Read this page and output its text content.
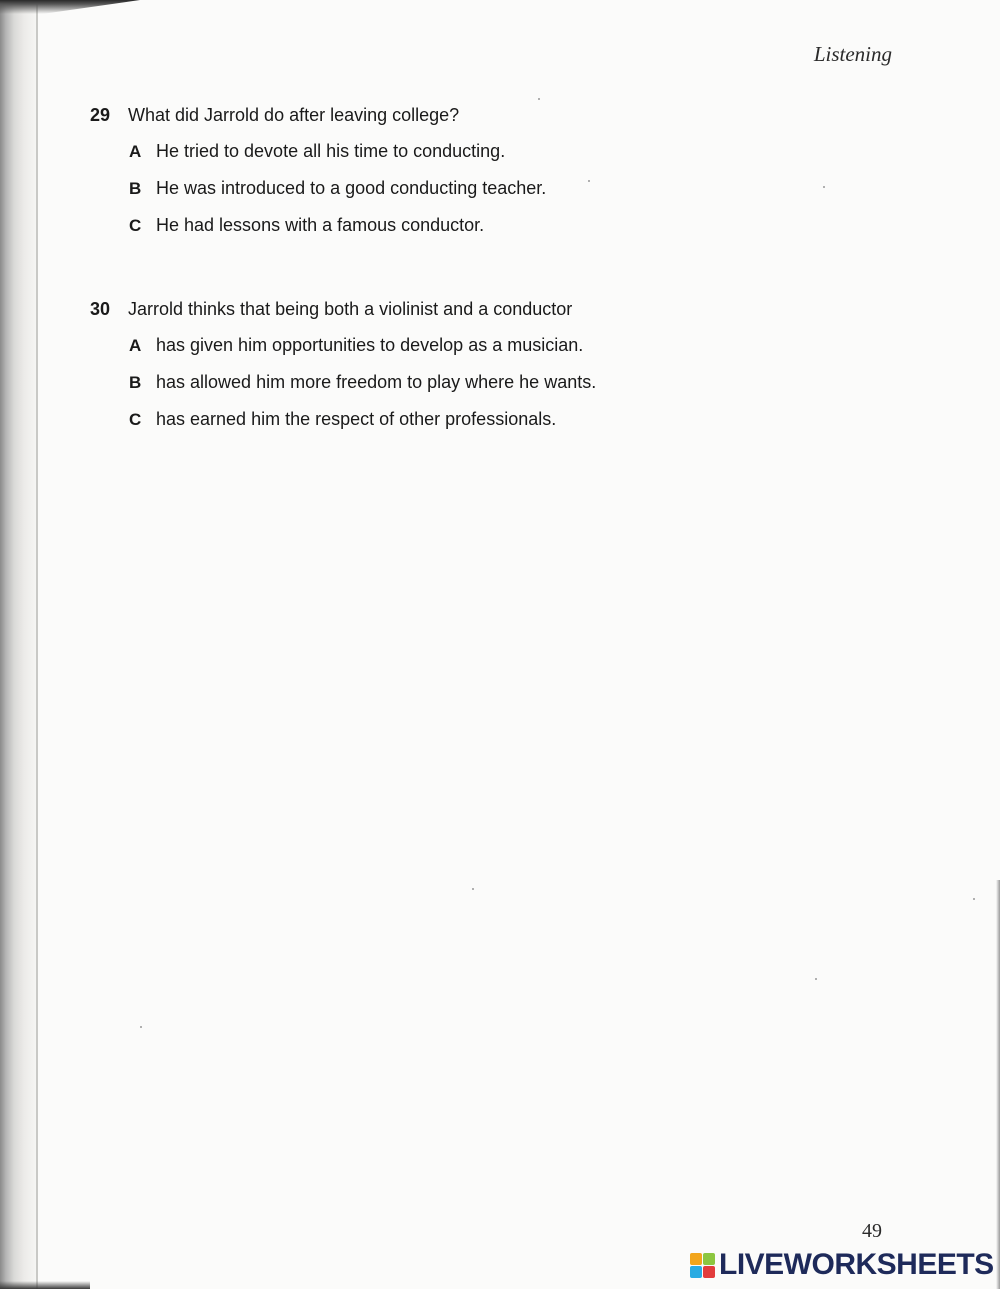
Listening
29 What did Jarrold do after leaving college?
A He tried to devote all his time to conducting.
B He was introduced to a good conducting teacher.
C He had lessons with a famous conductor.
30 Jarrold thinks that being both a violinist and a conductor
A has given him opportunities to develop as a musician.
B has allowed him more freedom to play where he wants.
C has earned him the respect of other professionals.
49
LIVEWORKSHEETS
